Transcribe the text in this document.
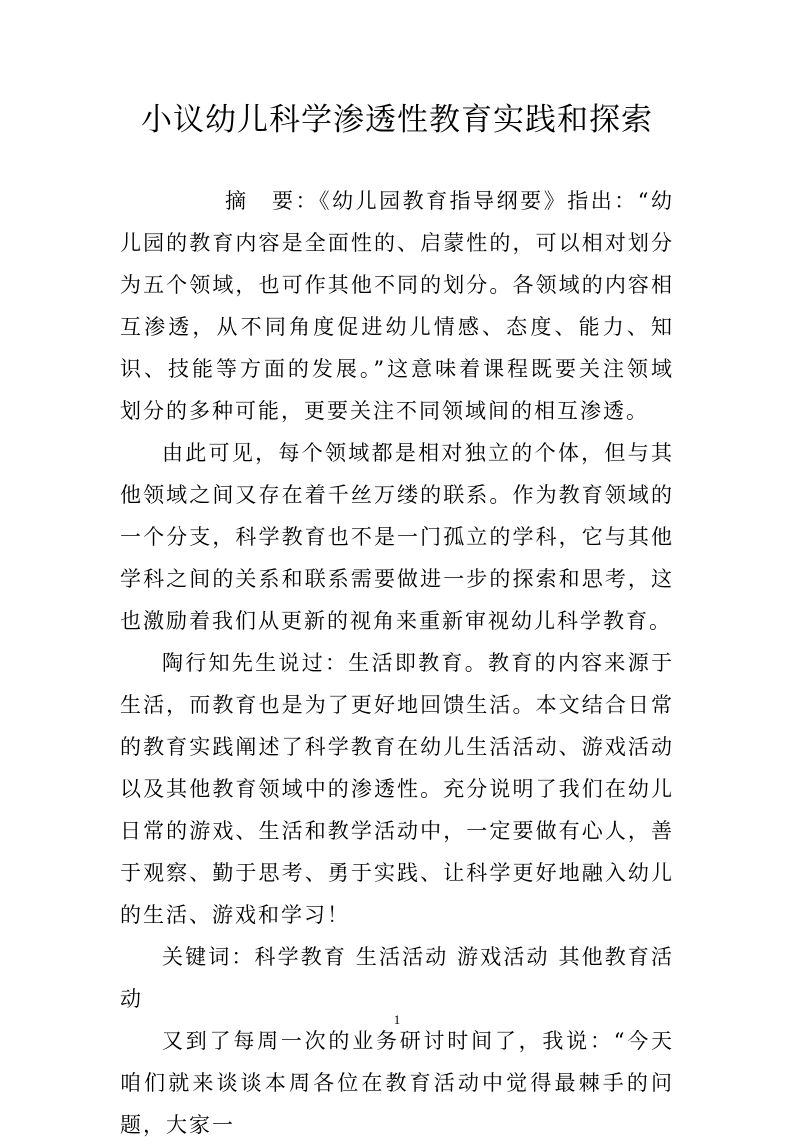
小议幼儿科学渗透性教育实践和探索

摘　要：《幼儿园教育指导纲要》指出：“幼儿园的教育内容是全面性的、启蒙性的，可以相对划分为五个领域，也可作其他不同的划分。各领域的内容相互渗透，从不同角度促进幼儿情感、态度、能力、知识、技能等方面的发展。”这意味着课程既要关注领域划分的多种可能，更要关注不同领域间的相互渗透。

由此可见，每个领域都是相对独立的个体，但与其他领域之间又存在着千丝万缕的联系。作为教育领域的一个分支，科学教育也不是一门孤立的学科，它与其他学科之间的关系和联系需要做进一步的探索和思考，这也激励着我们从更新的视角来重新审视幼儿科学教育。

陶行知先生说过：生活即教育。教育的内容来源于生活，而教育也是为了更好地回馈生活。本文结合日常的教育实践阐述了科学教育在幼儿生活活动、游戏活动以及其他教育领域中的渗透性。充分说明了我们在幼儿日常的游戏、生活和教学活动中，一定要做有心人，善于观察、勤于思考、勇于实践、让科学更好地融入幼儿的生活、游戏和学习！

关键词：科学教育 生活活动 游戏活动 其他教育活动

又到了每周一次的业务研讨时间了，我说：“今天咱们就来谈谈本周各位在教育活动中觉得最棘手的问题，大家一

1
